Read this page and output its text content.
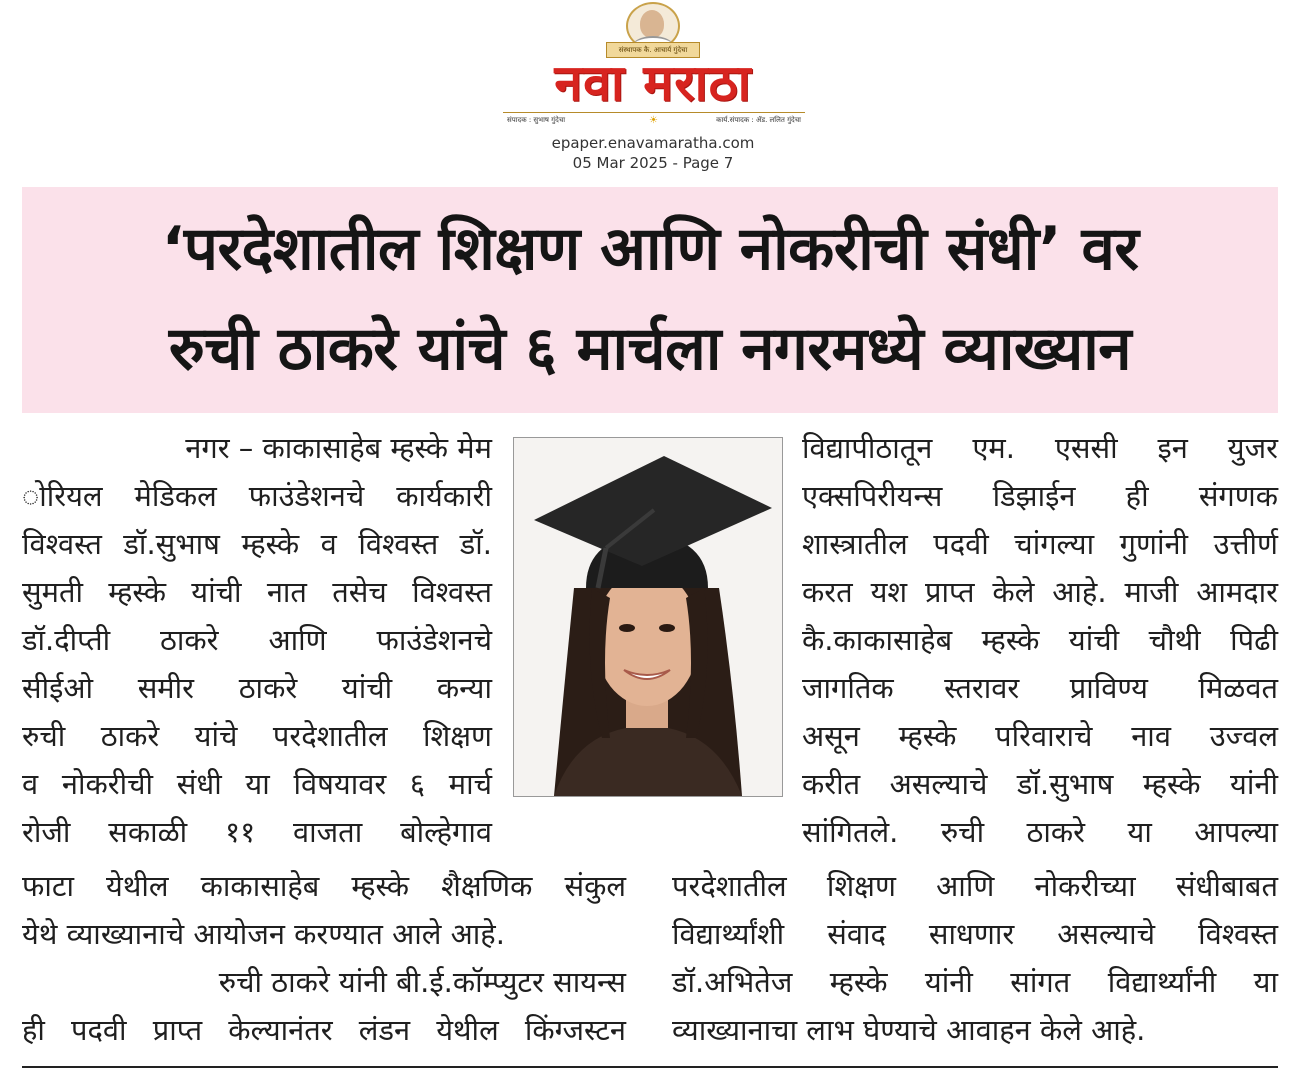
संस्थापक कै. आचार्य गुंदेचा
नवा मराठा
संपादक : सुभाष गुंदेचा	☀	कार्य.संपादक : ॲड. ललित गुंदेचा
epaper.enavamaratha.com
05 Mar 2025 - Page 7
‘परदेशातील शिक्षण आणि नोकरीची संधी’ वर
रुची ठाकरे यांचे ६ मार्चला नगरमध्ये व्याख्यान
नगर – काकासाहेब म्हस्के मेम
ोरियल मेडिकल फाउंडेशनचे कार्यकारी
विश्वस्त डॉ.सुभाष म्हस्के व विश्वस्त डॉ.
सुमती म्हस्के यांची नात तसेच विश्वस्त
डॉ.दीप्ती ठाकरे आणि फाउंडेशनचे
सीईओ समीर ठाकरे यांची कन्या
रुची ठाकरे यांचे परदेशातील शिक्षण
व नोकरीची संधी या विषयावर ६ मार्च
रोजी सकाळी ११ वाजता बोल्हेगाव
फाटा येथील काकासाहेब म्हस्के शैक्षणिक संकुल
येथे व्याख्यानाचे आयोजन करण्यात आले आहे.
रुची ठाकरे यांनी बी.ई.कॉम्प्युटर सायन्स
ही पदवी प्राप्त केल्यानंतर लंडन येथील किंग्जस्टन
विद्यापीठातून एम. एससी इन युजर
एक्सपिरीयन्स डिझाईन ही संगणक
शास्त्रातील पदवी चांगल्या गुणांनी उत्तीर्ण
करत यश प्राप्त केले आहे. माजी आमदार
कै.काकासाहेब म्हस्के यांची चौथी पिढी
जागतिक स्तरावर प्राविण्य मिळवत
असून म्हस्के परिवाराचे नाव उज्वल
करीत असल्याचे डॉ.सुभाष म्हस्के यांनी
सांगितले. रुची ठाकरे या आपल्या
परदेशातील शिक्षण आणि नोकरीच्या संधीबाबत
विद्यार्थ्यांशी संवाद साधणार असल्याचे विश्वस्त
डॉ.अभितेज म्हस्के यांनी सांगत विद्यार्थ्यांनी या
व्याख्यानाचा लाभ घेण्याचे आवाहन केले आहे.
